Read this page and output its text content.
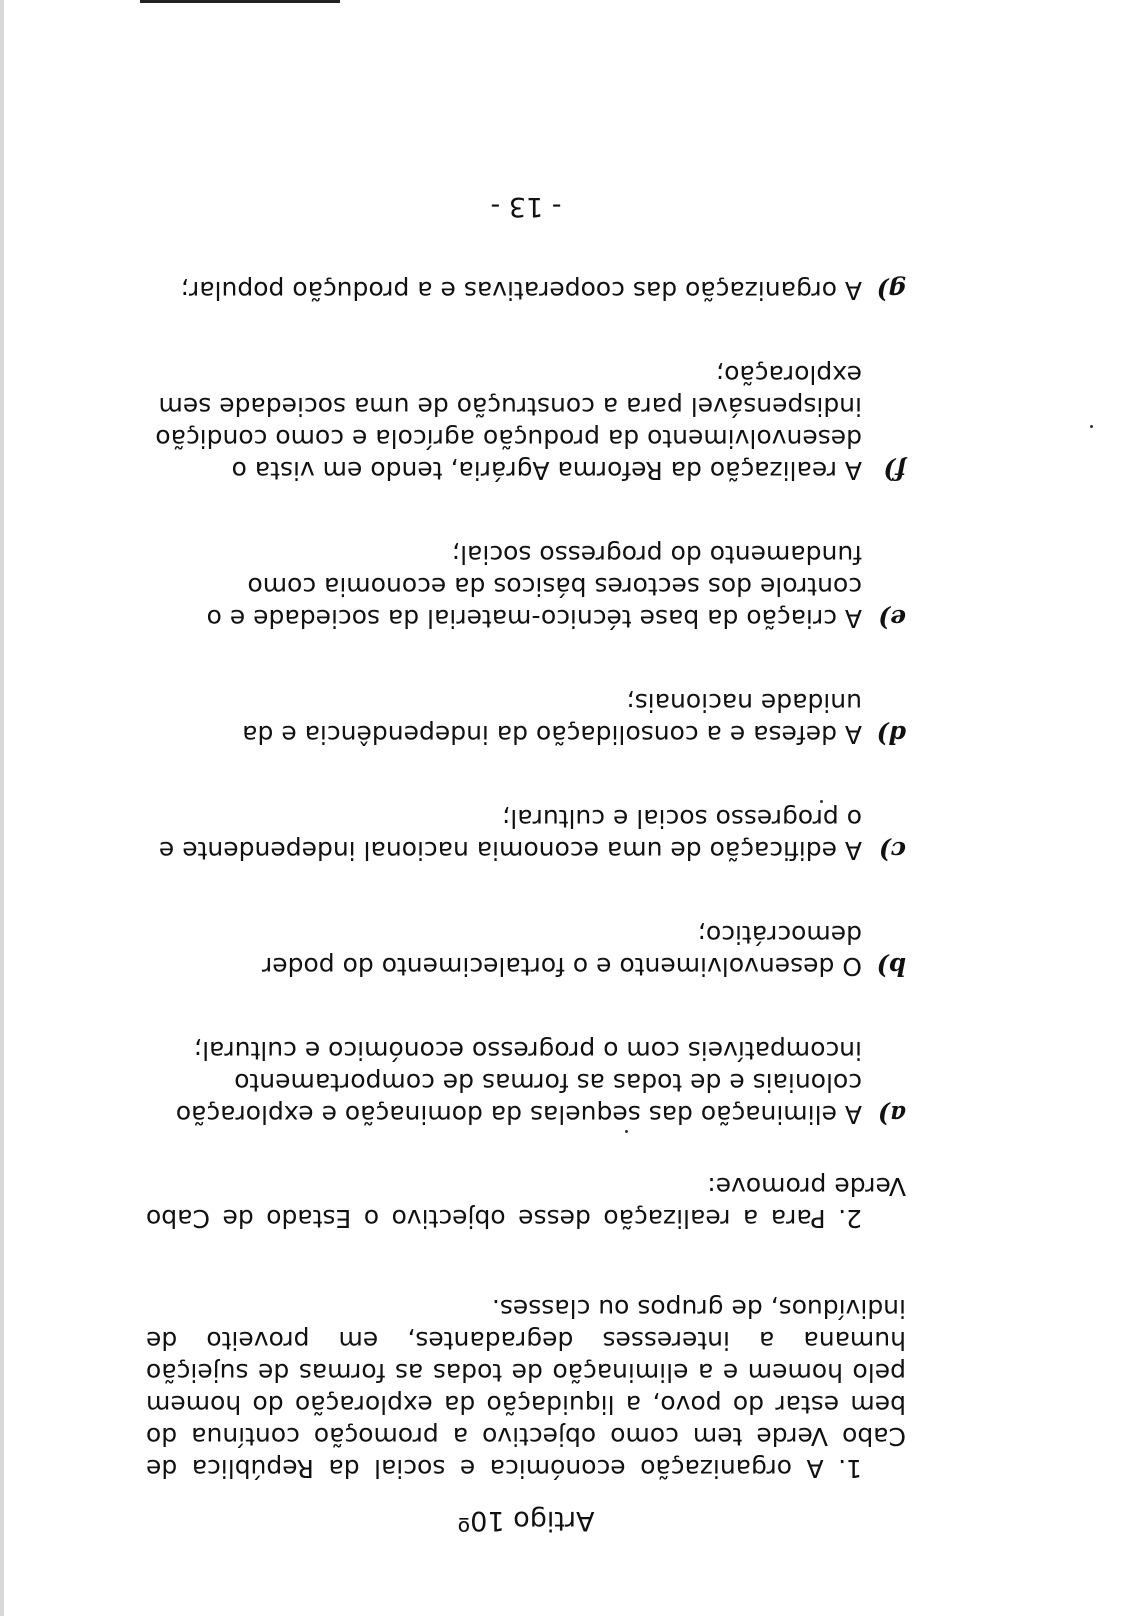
Artigo 10º

1. A organização económica e social da República de Cabo Verde tem como objectivo a promoção contínua do bem estar do povo, a liquidação da exploração do homem pelo homem e a eliminação de todas as formas de sujeição humana a interesses degradantes, em proveito de indivíduos, de grupos ou classes.

2. Para a realização desse objectivo o Estado de Cabo Verde promove:

a)
A eliminação das sequelas da dominação e exploração coloniais e de todas as formas de comportamento incompatíveis com o progresso económico e cultural;
b)
O desenvolvimento e o fortalecimento do poder democrático;
c)
A edificação de uma economia nacional independente e o progresso social e cultural;
d)
A defesa e a consolidação da independência e da unidade nacionais;
e)
A criação da base técnico-material da sociedade e o controle dos sectores básicos da economia como fundamento do progresso social;
f)
A realização da Reforma Agrária, tendo em vista o desenvolvimento da produção agrícola e como condição indispensável para a construção de uma sociedade sem exploração;
g)
A organização das cooperativas e a produção popular;
- 13 -
